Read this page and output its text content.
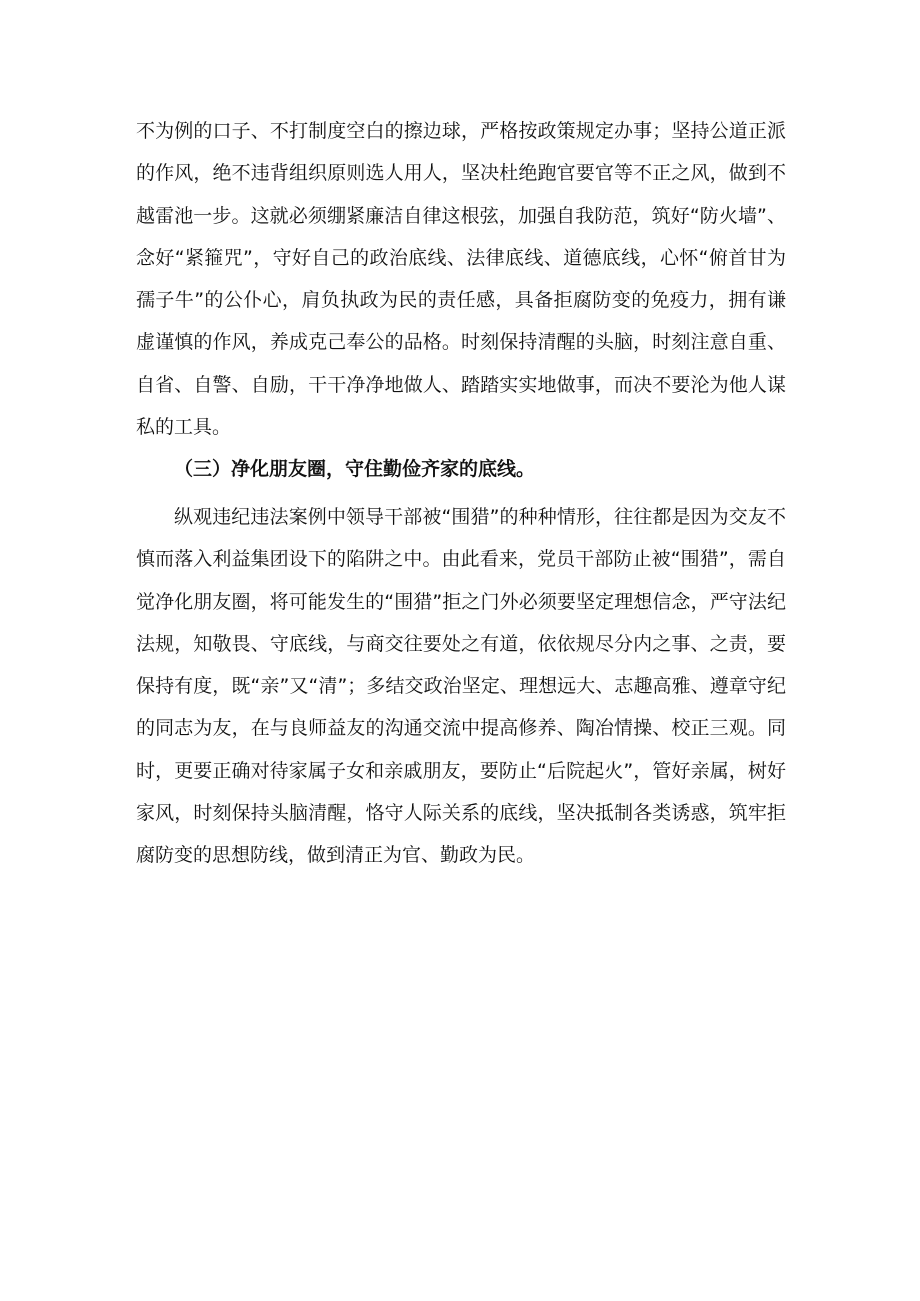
不为例的口子、不打制度空白的擦边球，严格按政策规定办事；坚持公道正派的作风，绝不违背组织原则选人用人，坚决杜绝跑官要官等不正之风，做到不越雷池一步。这就必须绷紧廉洁自律这根弦，加强自我防范，筑好“防火墙”、念好“紧箍咒”，守好自己的政治底线、法律底线、道德底线，心怀“俯首甘为孺子牛”的公仆心，肩负执政为民的责任感，具备拒腐防变的免疫力，拥有谦虚谨慎的作风，养成克己奉公的品格。时刻保持清醒的头脑，时刻注意自重、自省、自警、自励，干干净净地做人、踏踏实实地做事，而决不要沦为他人谋私的工具。

（三）净化朋友圈，守住勤俭齐家的底线。

纵观违纪违法案例中领导干部被“围猎”的种种情形，往往都是因为交友不慎而落入利益集团设下的陷阱之中。由此看来，党员干部防止被“围猎”，需自觉净化朋友圈，将可能发生的“围猎”拒之门外必须要坚定理想信念，严守法纪法规，知敬畏、守底线，与商交往要处之有道，依依规尽分内之事、之责，要保持有度，既“亲”又“清”；多结交政治坚定、理想远大、志趣高雅、遵章守纪的同志为友，在与良师益友的沟通交流中提高修养、陶冶情操、校正三观。同时，更要正确对待家属子女和亲戚朋友，要防止“后院起火”，管好亲属，树好家风，时刻保持头脑清醒，恪守人际关系的底线，坚决抵制各类诱惑，筑牢拒腐防变的思想防线，做到清正为官、勤政为民。
